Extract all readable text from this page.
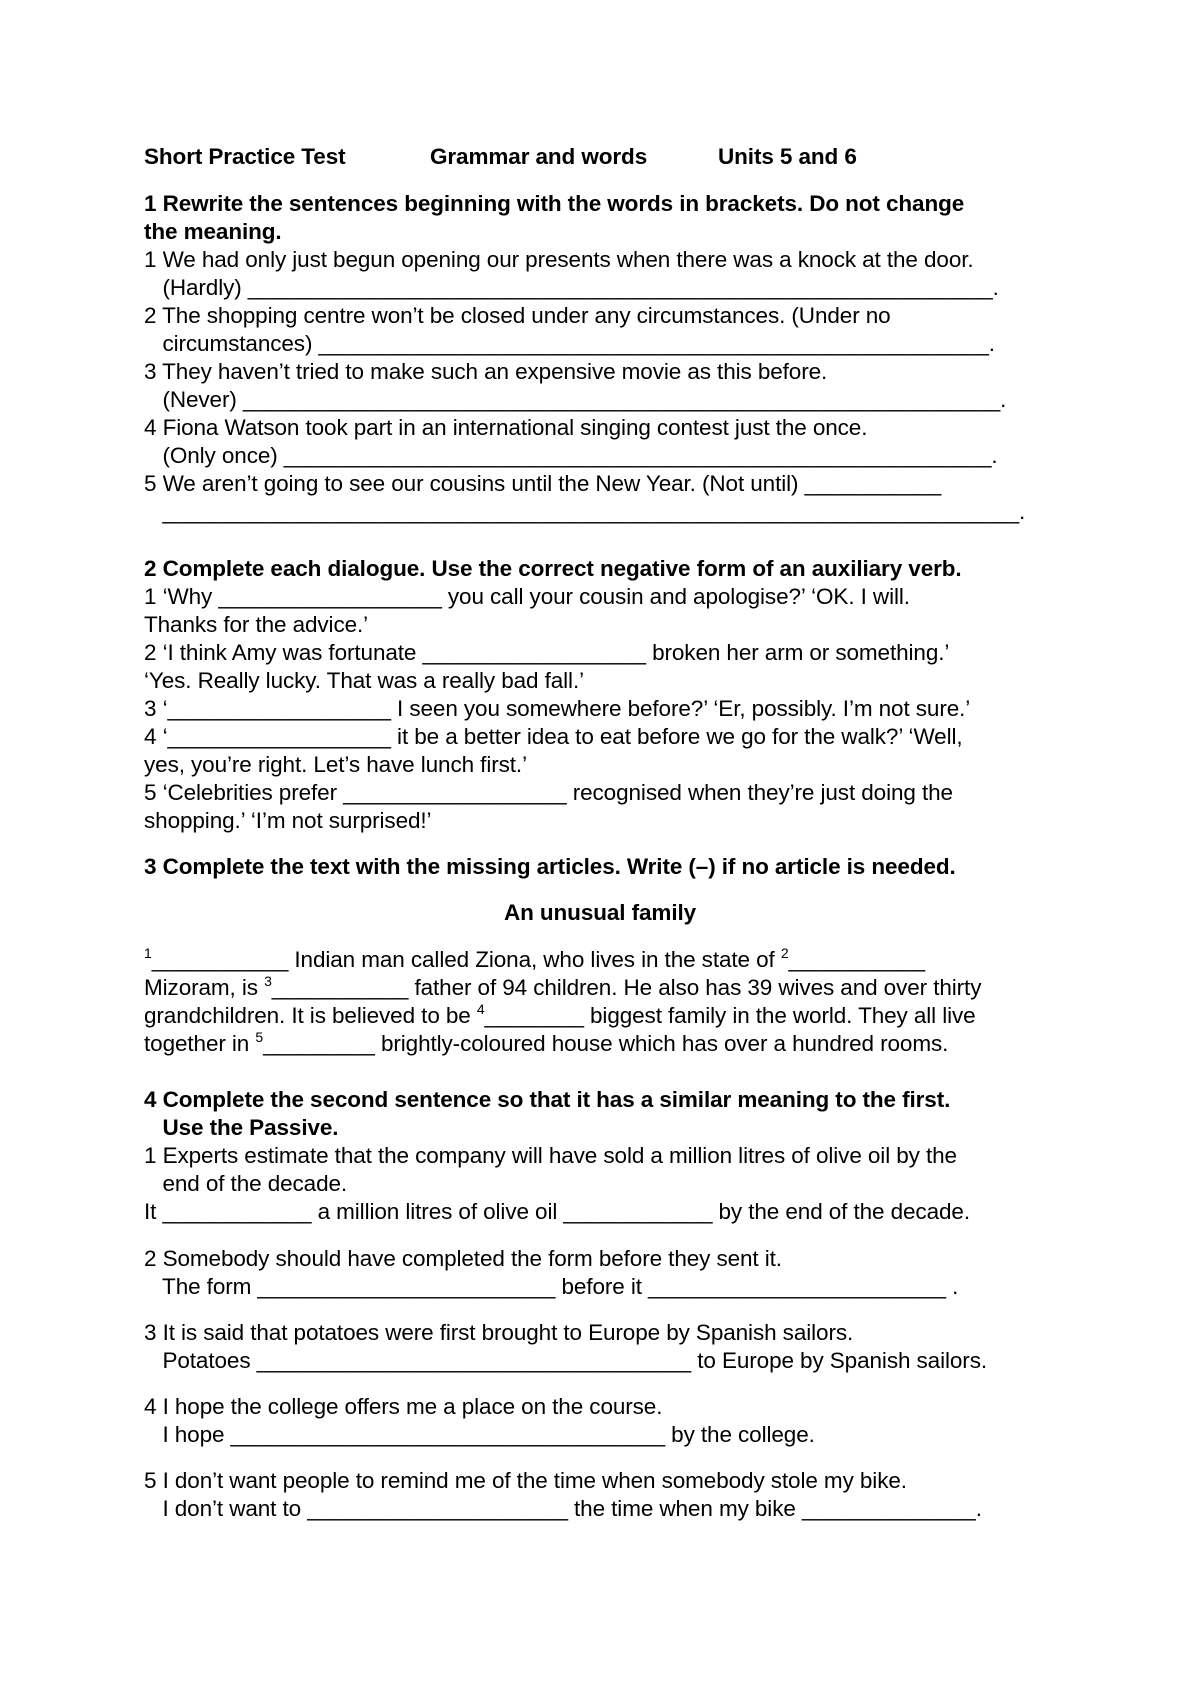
Short Practice Test

	Grammar and words

	Units 5 and 6

1 Rewrite the sentences beginning with the words in brackets. Do not change
the meaning.
1 We had only just begun opening our presents when there was a knock at the door.
(Hardly) ____________________________________________________________.
2 The shopping centre won’t be closed under any circumstances. (Under no
circumstances) ______________________________________________________.
3 They haven’t tried to make such an expensive movie as this before.
(Never) _____________________________________________________________.
4 Fiona Watson took part in an international singing contest just the once.
(Only once) _________________________________________________________.
5 We aren’t going to see our cousins until the New Year. (Not until) ___________
_____________________________________________________________________.
2 Complete each dialogue. Use the correct negative form of an auxiliary verb.
1 ‘Why __________________ you call your cousin and apologise?’ ‘OK. I will.
Thanks for the advice.’
2 ‘I think Amy was fortunate __________________ broken her arm or something.’
‘Yes. Really lucky. That was a really bad fall.’
3 ‘__________________ I seen you somewhere before?’ ‘Er, possibly. I’m not sure.’
4 ‘__________________ it be a better idea to eat before we go for the walk?’ ‘Well,
yes, you’re right. Let’s have lunch first.’
5 ‘Celebrities prefer __________________ recognised when they’re just doing the
shopping.’ ‘I’m not surprised!’
3 Complete the text with the missing articles. Write (–) if no article is needed.
An unusual family
$^1$___________ Indian man called Ziona, who lives in the state of $^2$___________
Mizoram, is $^3$___________ father of 94 children. He also has 39 wives and over thirty
grandchildren. It is believed to be $^4$________ biggest family in the world. They all live
together in $^5$_________ brightly-coloured house which has over a hundred rooms.
4 Complete the second sentence so that it has a similar meaning to the first.
Use the Passive.
1 Experts estimate that the company will have sold a million litres of olive oil by the
end of the decade.
It ____________ a million litres of olive oil ____________ by the end of the decade.
2 Somebody should have completed the form before they sent it.
The form ________________________ before it ________________________ .
3 It is said that potatoes were first brought to Europe by Spanish sailors.
Potatoes ___________________________________ to Europe by Spanish sailors.
4 I hope the college offers me a place on the course.
I hope ___________________________________ by the college.
5 I don’t want people to remind me of the time when somebody stole my bike.
I don’t want to _____________________ the time when my bike ______________.
